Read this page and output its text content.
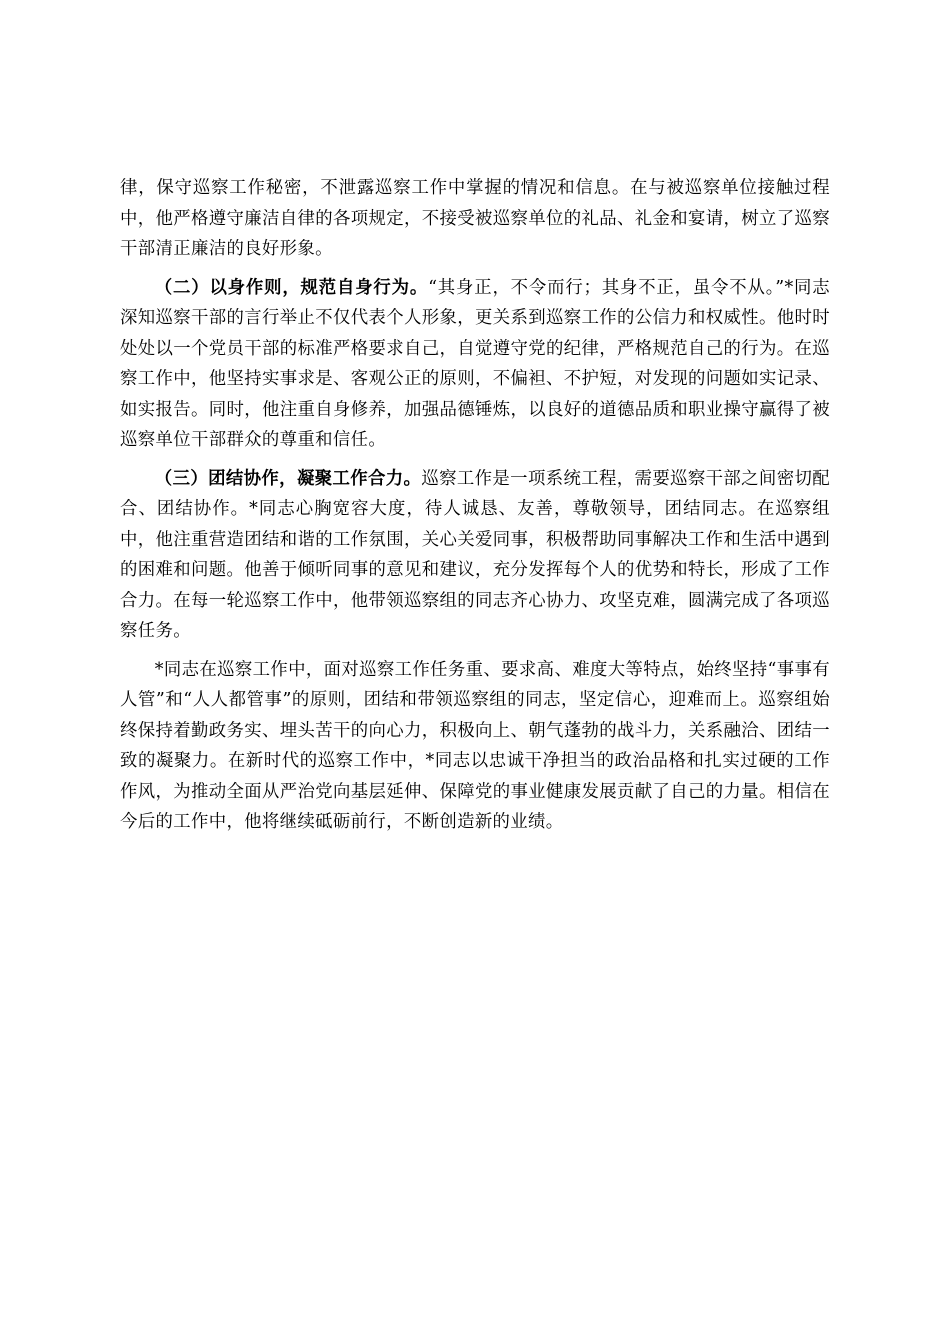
律，保守巡察工作秘密，不泄露巡察工作中掌握的情况和信息。在与被巡察单位接触过程中，他严格遵守廉洁自律的各项规定，不接受被巡察单位的礼品、礼金和宴请，树立了巡察干部清正廉洁的良好形象。

（二）以身作则，规范自身行为。“其身正，不令而行；其身不正，虽令不从。”*同志深知巡察干部的言行举止不仅代表个人形象，更关系到巡察工作的公信力和权威性。他时时处处以一个党员干部的标准严格要求自己，自觉遵守党的纪律，严格规范自己的行为。在巡察工作中，他坚持实事求是、客观公正的原则，不偏袒、不护短，对发现的问题如实记录、如实报告。同时，他注重自身修养，加强品德锤炼，以良好的道德品质和职业操守赢得了被巡察单位干部群众的尊重和信任。

（三）团结协作，凝聚工作合力。巡察工作是一项系统工程，需要巡察干部之间密切配合、团结协作。*同志心胸宽容大度，待人诚恳、友善，尊敬领导，团结同志。在巡察组中，他注重营造团结和谐的工作氛围，关心关爱同事，积极帮助同事解决工作和生活中遇到的困难和问题。他善于倾听同事的意见和建议，充分发挥每个人的优势和特长，形成了工作合力。在每一轮巡察工作中，他带领巡察组的同志齐心协力、攻坚克难，圆满完成了各项巡察任务。

*同志在巡察工作中，面对巡察工作任务重、要求高、难度大等特点，始终坚持“事事有人管”和“人人都管事”的原则，团结和带领巡察组的同志，坚定信心，迎难而上。巡察组始终保持着勤政务实、埋头苦干的向心力，积极向上、朝气蓬勃的战斗力，关系融洽、团结一致的凝聚力。在新时代的巡察工作中，*同志以忠诚干净担当的政治品格和扎实过硬的工作作风，为推动全面从严治党向基层延伸、保障党的事业健康发展贡献了自己的力量。相信在今后的工作中，他将继续砥砺前行，不断创造新的业绩。
